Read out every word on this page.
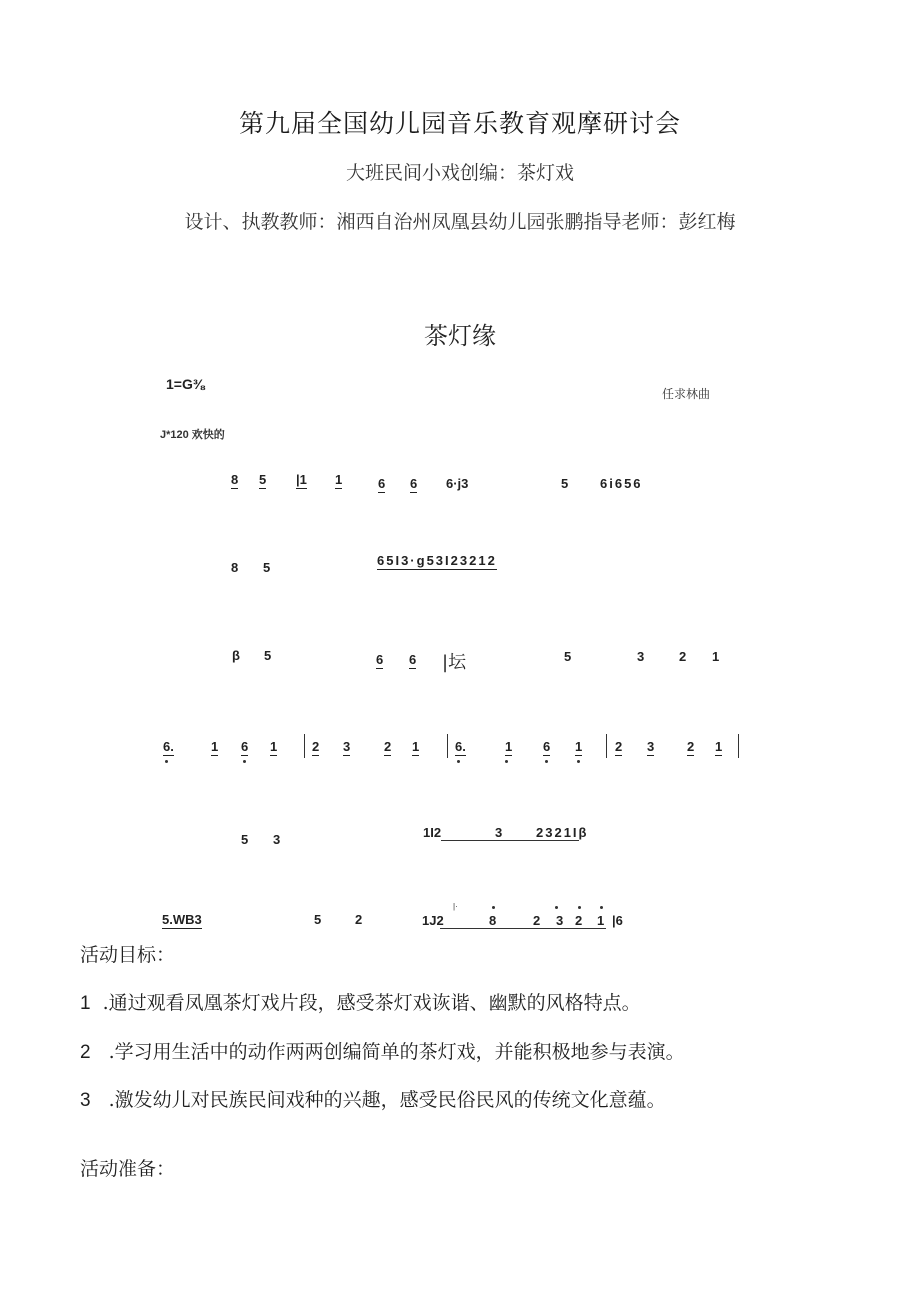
第九届全国幼儿园音乐教育观摩研讨会
大班民间小戏创编：茶灯戏
设计、执教教师：湘西自治州凤凰县幼儿园张鹏指导老师：彭红梅
茶灯缘
1=G⅜
任求林曲
J*120 欢快的
8 5 |1 1	6 6 6·j3	5 6i656
8 5	65I3·g53I23212
β 5	6 6 |坛	5	3	2 1
6.	1 6 1	2 3	2 1	6.	1 6 1	2 3	2 1
5 3	1I2	3	2321Iβ
5.WB3	5	2	1J2
|·
8	2 3 2 1 |6
活动目标：
1 .通过观看凤凰茶灯戏片段，感受茶灯戏诙谐、幽默的风格特点。
2 .学习用生活中的动作两两创编简单的茶灯戏，并能积极地参与表演。
3 .激发幼儿对民族民间戏种的兴趣，感受民俗民风的传统文化意蕴。
活动准备：
